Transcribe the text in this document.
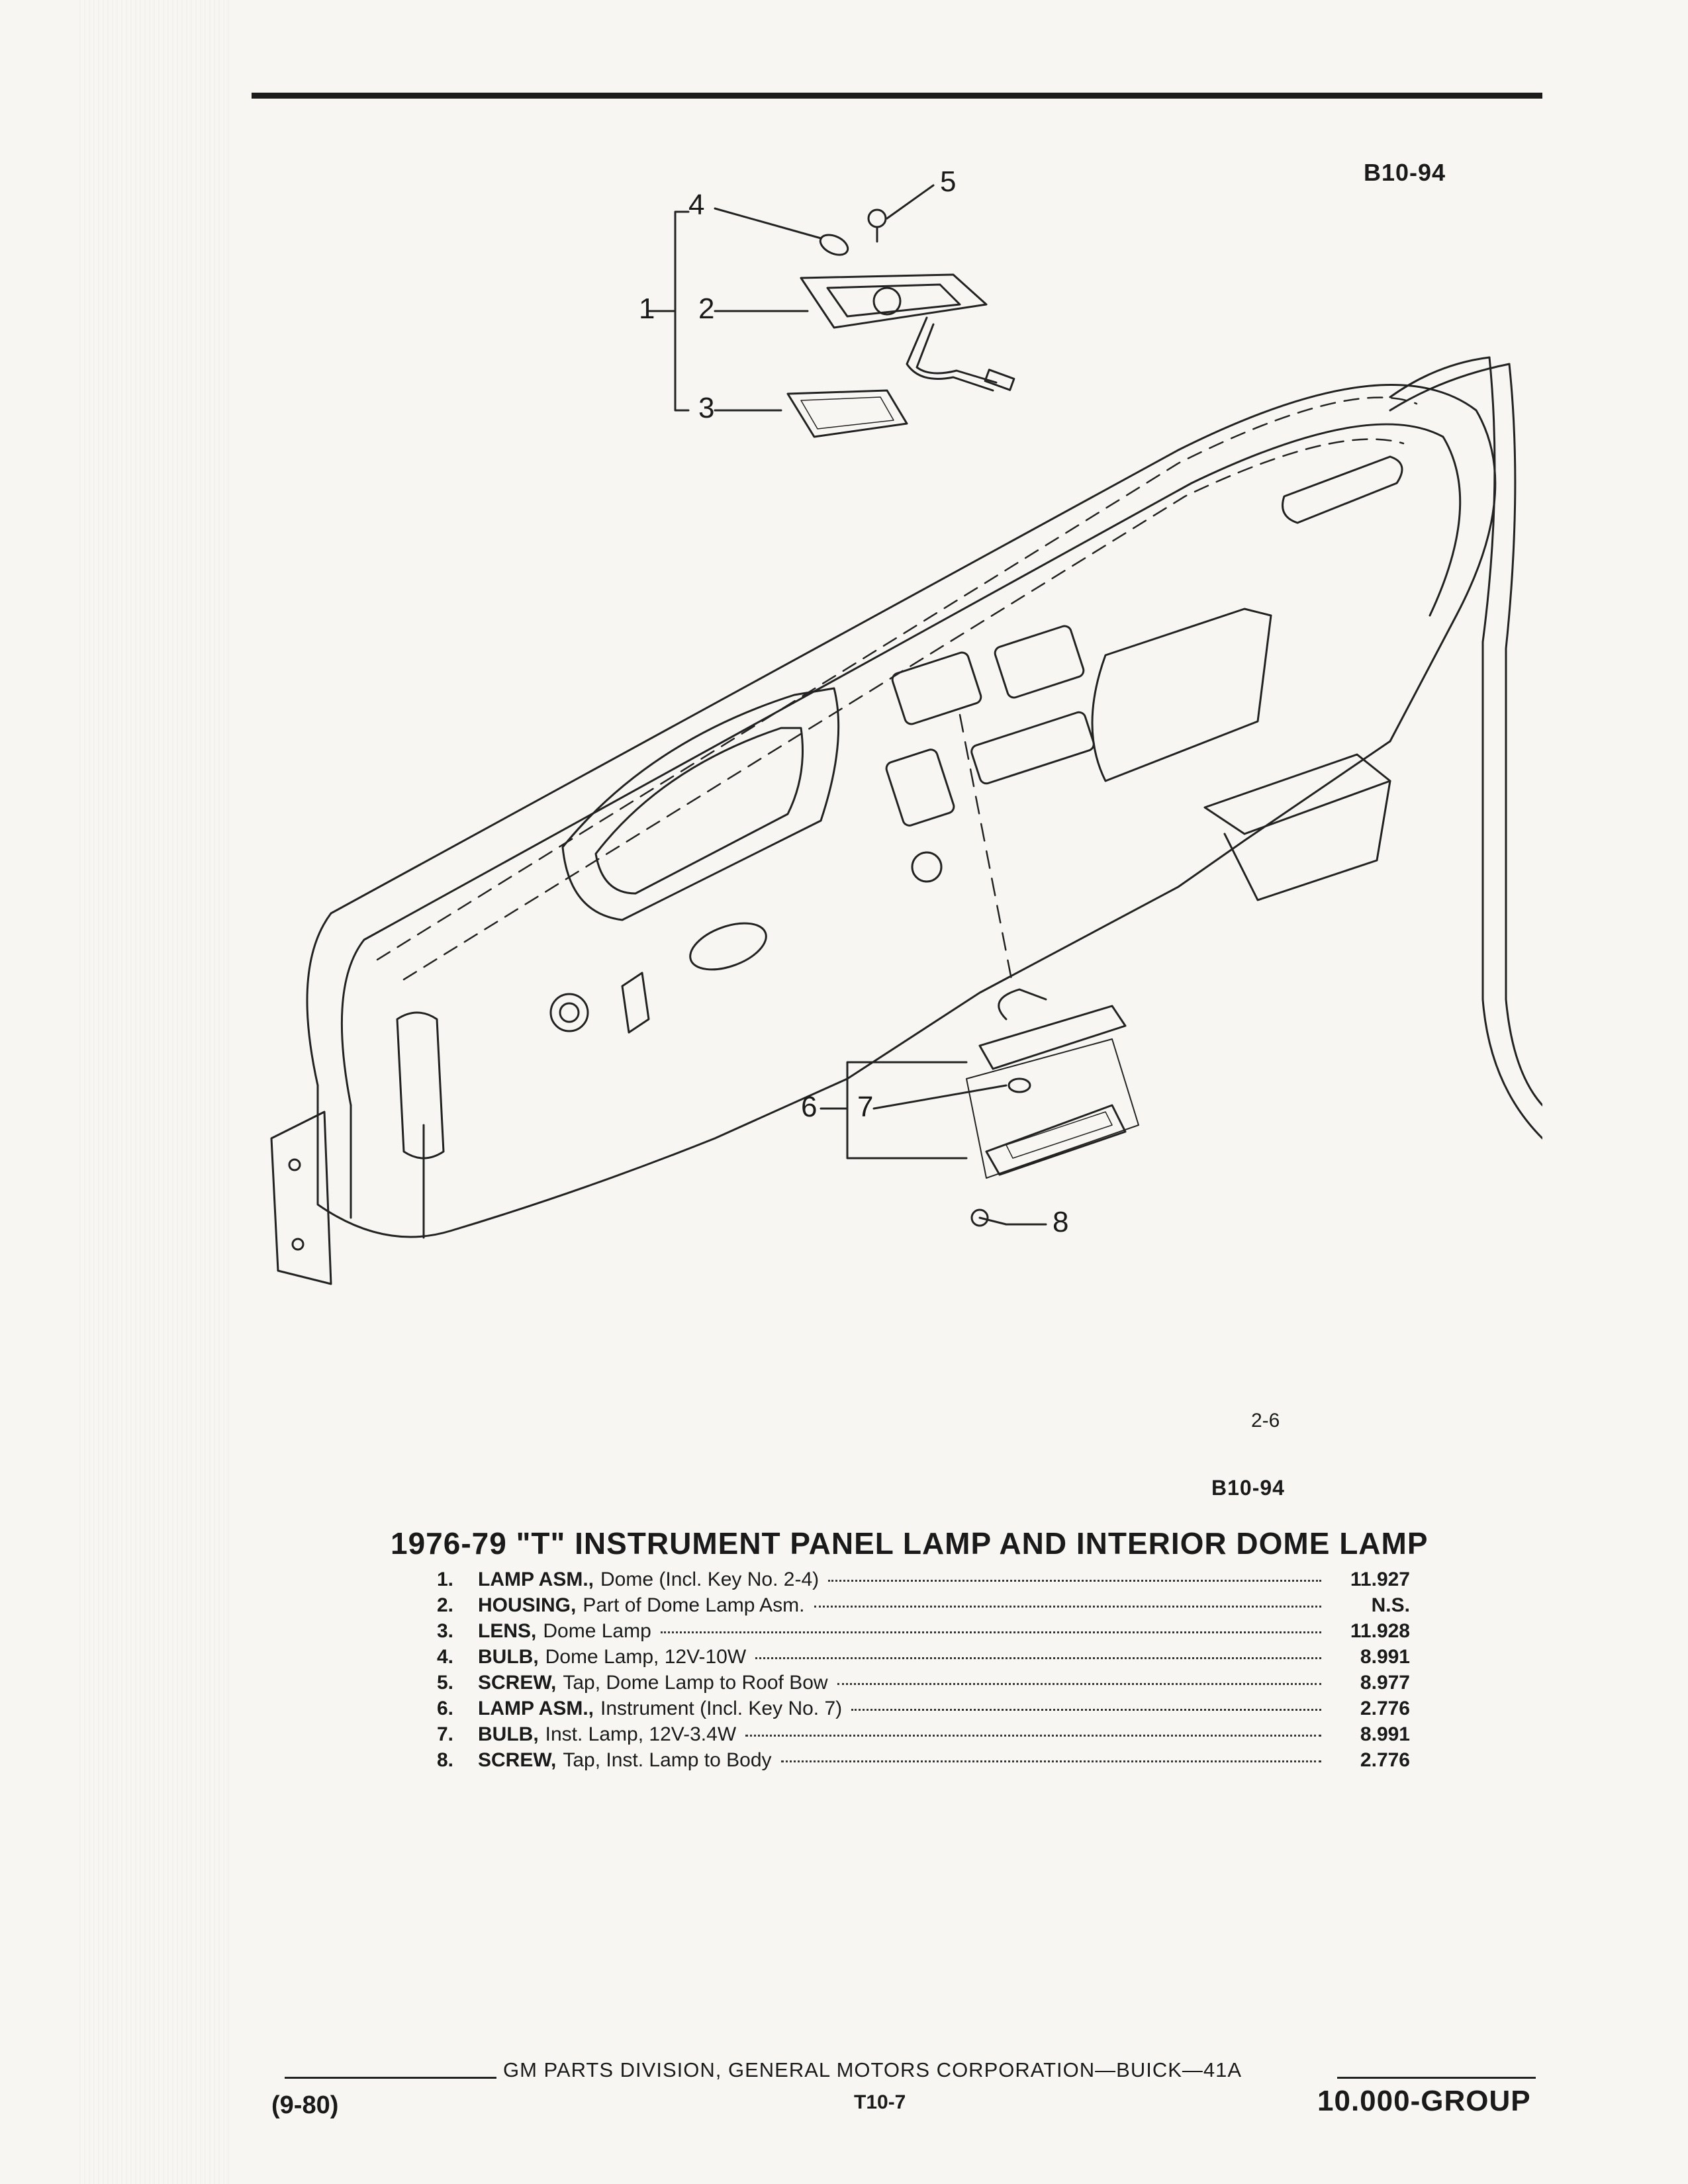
B10-94
4
5
1 2
3
6 7
8
2-6
B10-94
1976-79 "T" INSTRUMENT PANEL LAMP AND INTERIOR DOME LAMP
1.	LAMP ASM., Dome (Incl. Key No. 2-4)	11.927
2.	HOUSING, Part of Dome Lamp Asm.	N.S.
3.	LENS, Dome Lamp	11.928
4.	BULB, Dome Lamp, 12V-10W	8.991
5.	SCREW, Tap, Dome Lamp to Roof Bow	8.977
6.	LAMP ASM., Instrument (Incl. Key No. 7)	2.776
7.	BULB, Inst. Lamp, 12V-3.4W	8.991
8.	SCREW, Tap, Inst. Lamp to Body	2.776
GM PARTS DIVISION, GENERAL MOTORS CORPORATION—BUICK—41A
(9-80)	T10-7	10.000-GROUP
